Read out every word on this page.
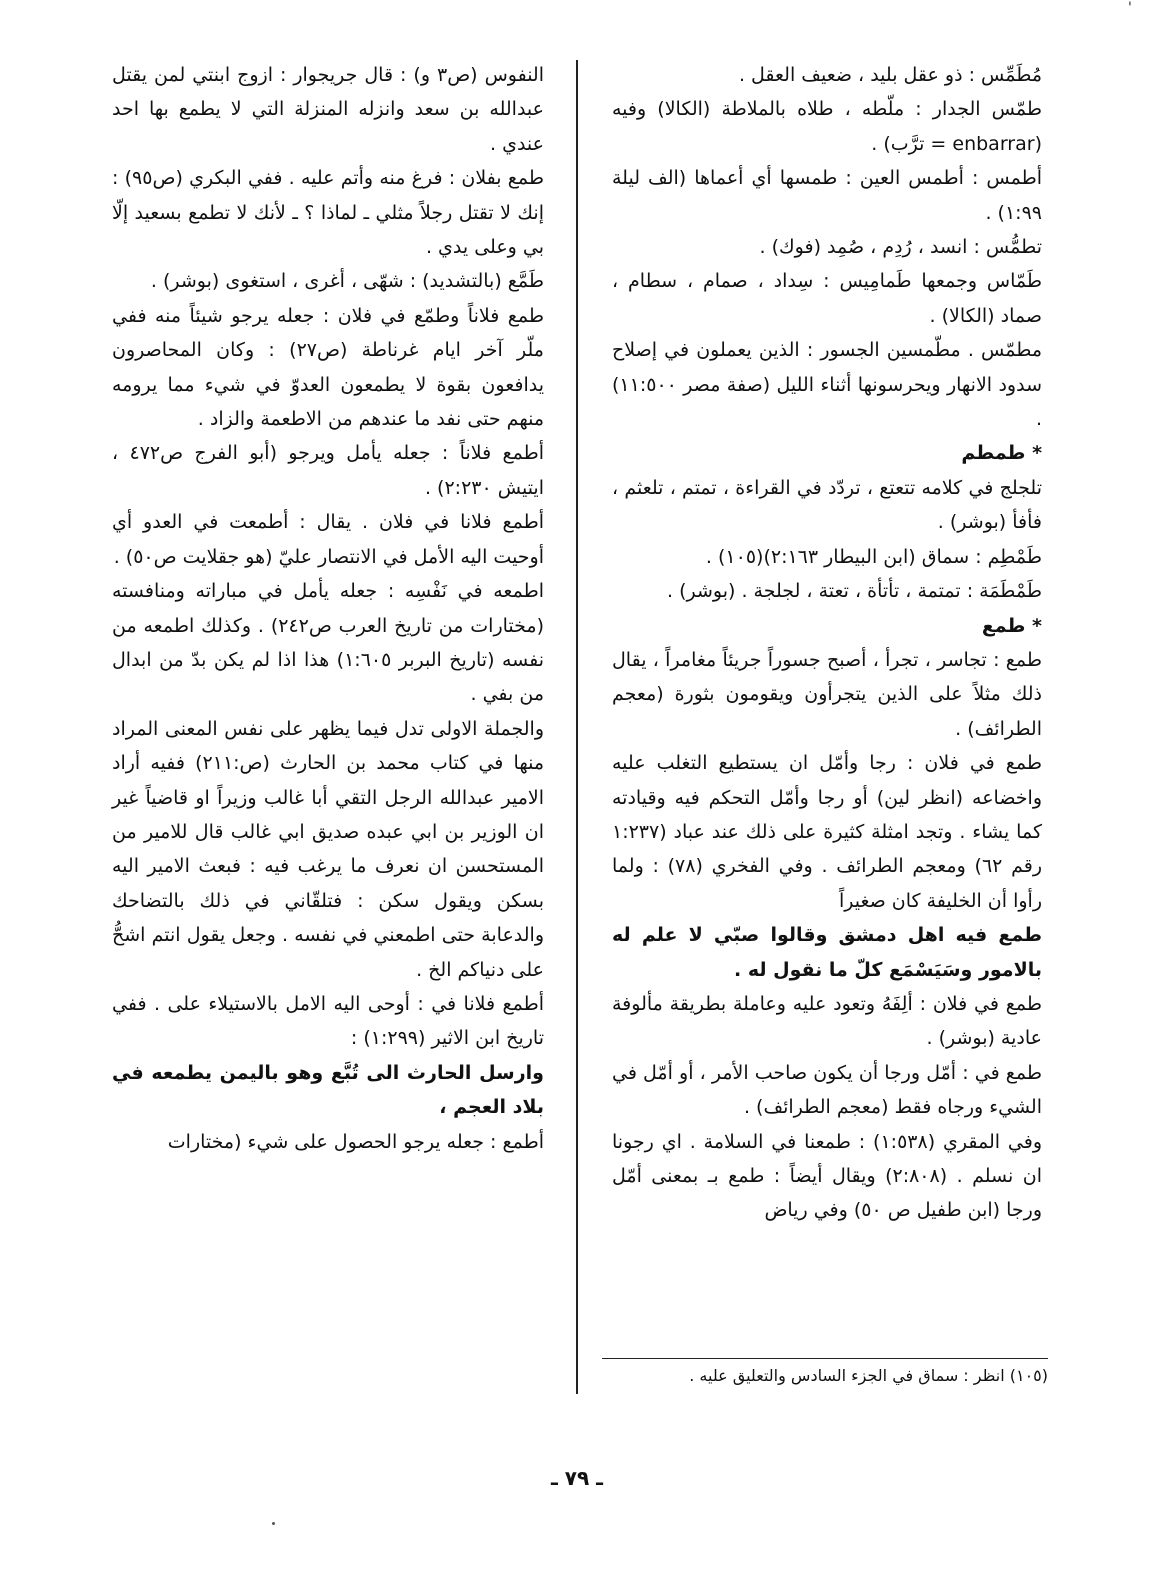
'

مُطَمِّس : ذو عقل بليد ، ضعيف العقل .

طمّس الجدار : ملّطه ، طلاه بالملاطة (الكالا) وفيه (enbarrar = ترَّب) .

أطمس : أطمس العين : طمسها أي أعماها (الف ليلة ١:٩٩) .

تطمُّس : انسد ، رُدِم ، صُمِد (فوك) .

طَمّاس وجمعها طَمامِيس : سِداد ، صمام ، سطام ، صماد (الكالا) .

مطمّس . مطّمسين الجسور : الذين يعملون في إصلاح سدود الانهار ويحرسونها أثناء الليل (صفة مصر ١١:٥٠٠) .

* طمطم

تلجلج في كلامه تتعتع ، تردّد في القراءة ، تمتم ، تلعثم ، فأفأ (بوشر) .

طَمْطِم : سماق (ابن البيطار ٢:١٦٣)(١٠٥) .

طَمْطَمَة : تمتمة ، تأتأة ، تعتة ، لجلجة . (بوشر) .

* طمع

طمع : تجاسر ، تجرأ ، أصبح جسوراً جريئاً مغامراً ، يقال ذلك مثلاً على الذين يتجرأون ويقومون بثورة (معجم الطرائف) .

طمع في فلان : رجا وأمّل ان يستطيع التغلب عليه واخضاعه (انظر لين) أو رجا وأمّل التحكم فيه وقيادته كما يشاء . وتجد امثلة كثيرة على ذلك عند عباد (١:٢٣٧ رقم ٦٢) ومعجم الطرائف . وفي الفخري (٧٨) : ولما رأوا أن الخليفة كان صغيراً

طمع فيه اهل دمشق وقالوا صبّي لا علم له بالامور وسَيَسْمَع كلّ ما نقول له .

طمع في فلان : ألِفَهُ وتعود عليه وعاملة بطريقة مألوفة عادية (بوشر) .

طمع في : أمّل ورجا أن يكون صاحب الأمر ، أو أمّل في الشيء ورجاه فقط (معجم الطرائف) .

وفي المقري (١:٥٣٨) : طمعنا في السلامة . اي رجونا ان نسلم . (٢:٨٠٨) ويقال أيضاً : طمع بـ بمعنى أمّل ورجا (ابن طفيل ص ٥٠) وفي رياض

النفوس (ص٣ و) : قال جريجوار : ازوج ابنتي لمن يقتل عبدالله بن سعد وانزله المنزلة التي لا يطمع بها احد عندي .

طمع بفلان : فرغ منه وأتم عليه . ففي البكري (ص٩٥) : إنك لا تقتل رجلاً مثلي ـ لماذا ؟ ـ لأنك لا تطمع بسعيد إلّا بي وعلى يدي .

طَمَّع (بالتشديد) : شهّى ، أغرى ، استغوى (بوشر) .

طمع فلاناً وطمّع في فلان : جعله يرجو شيئاً منه ففي ملّر آخر ايام غرناطة (ص٢٧) : وكان المحاصرون يدافعون بقوة لا يطمعون العدوّ في شيء مما يرومه منهم حتى نفد ما عندهم من الاطعمة والزاد .

أطمع فلاناً : جعله يأمل ويرجو (أبو الفرج ص٤٧٢ ، ايتيش ٢:٢٣٠) .

أطمع فلانا في فلان . يقال : أطمعت في العدو أي أوحيت اليه الأمل في الانتصار عليّ (هو جقلايت ص٥٠) .

اطمعه في نَفْسِه : جعله يأمل في مباراته ومنافسته (مختارات من تاريخ العرب ص٢٤٢) . وكذلك اطمعه من نفسه (تاريخ البربر ١:٦٠٥) هذا اذا لم يكن بدّ من ابدال من بفي .

والجملة الاولى تدل فيما يظهر على نفس المعنى المراد منها في كتاب محمد بن الحارث (ص:٢١١) ففيه أراد الامير عبدالله الرجل التقي أبا غالب وزيراً او قاضياً غير ان الوزير بن ابي عبده صديق ابي غالب قال للامير من المستحسن ان نعرف ما يرغب فيه : فبعث الامير اليه بسكن ويقول سكن : فتلقّاني في ذلك بالتضاحك والدعابة حتى اطمعني في نفسه . وجعل يقول انتم اشحُّ على دنياكم الخ .

أطمع فلانا في : أوحى اليه الامل بالاستيلاء على . ففي تاريخ ابن الاثير (١:٢٩٩) :

وارسل الحارث الى تُبَّع وهو باليمن يطمعه في بلاد العجم ،

أطمع : جعله يرجو الحصول على شيء (مختارات

(١٠٥) انظر : سماق في الجزء السادس والتعليق عليه .
ـ ٧٩ ـ
